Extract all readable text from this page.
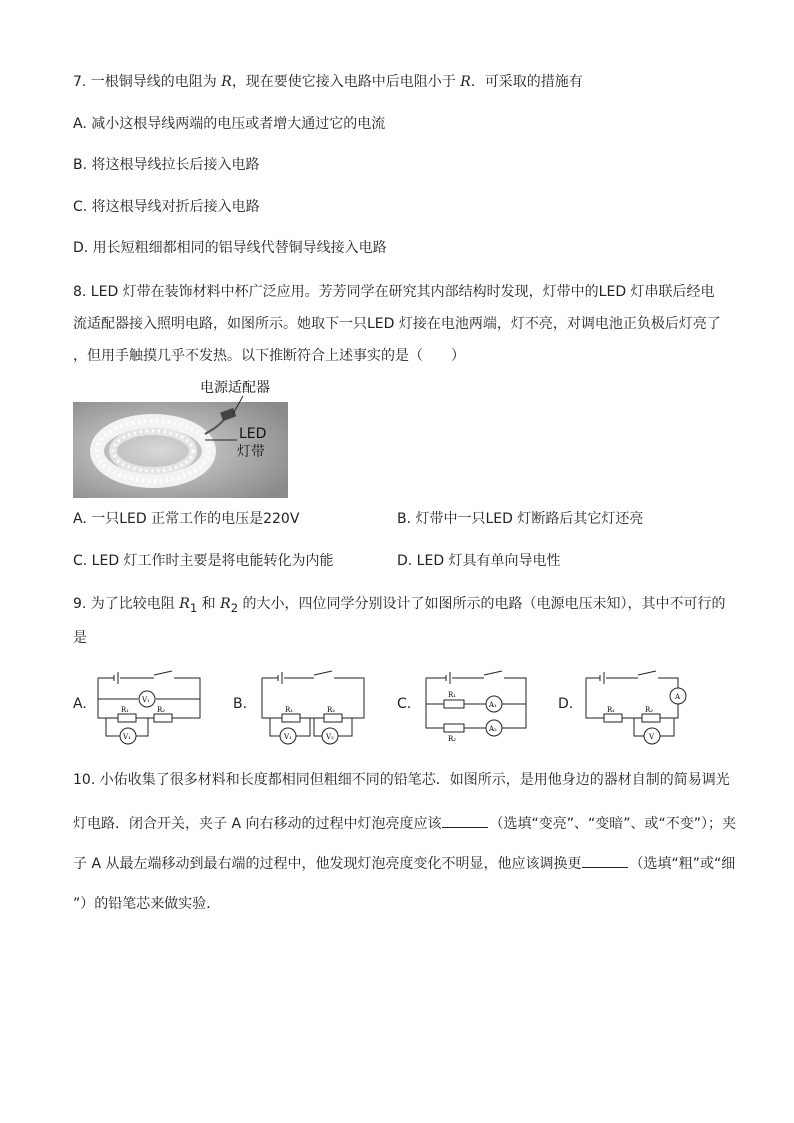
7. 一根铜导线的电阻为 R，现在要使它接入电路中后电阻小于 R．可采取的措施有
A. 减小这根导线两端的电压或者增大通过它的电流
B. 将这根导线拉长后接入电路
C. 将这根导线对折后接入电路
D. 用长短粗细都相同的铝导线代替铜导线接入电路
8. LED 灯带在装饰材料中杯广泛应用。芳芳同学在研究其内部结构时发现，灯带中的LED 灯串联后经电
流适配器接入照明电路，如图所示。她取下一只LED 灯接在电池两端，灯不亮，对调电池正负极后灯亮了
，但用手触摸几乎不发热。以下推断符合上述事实的是（　　）
电源适配器
LED
灯带
A. 一只LED 正常工作的电压是220V	B. 灯带中一只LED 灯断路后其它灯还亮
C. LED 灯工作时主要是将电能转化为内能	D. LED 灯具有单向导电性
9. 为了比较电阻 $R_1$ 和 $R_2$ 的大小，四位同学分别设计了如图所示的电路（电源电压未知），其中不可行的
是
A.	B.	C.	D.
V₁
V₁
R₁	R₂
V₁	V₂
R₁	R₂
A₁
A₂
R₁
R₂
A
V
R₁	R₂
10. 小佑收集了很多材料和长度都相同但粗细不同的铅笔芯．如图所示，是用他身边的器材自制的简易调光
灯电路．闭合开关，夹子 A 向右移动的过程中灯泡亮度应该	（选填“变亮”、“变暗”、或“不变”）；夹
子 A 从最左端移动到最右端的过程中，他发现灯泡亮度变化不明显，他应该调换更	（选填“粗”或“细
”）的铅笔芯来做实验．
